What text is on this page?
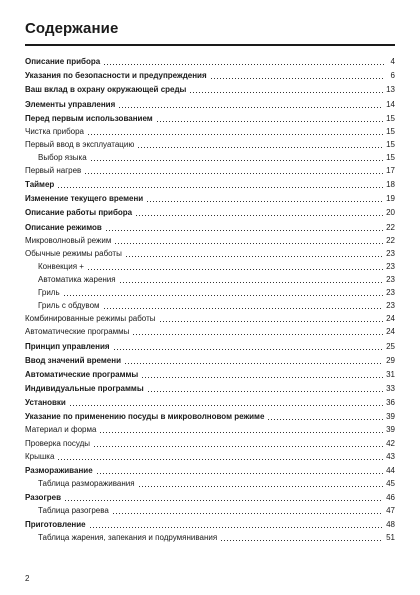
Содержание
Описание прибора	4
Указания по безопасности и предупреждения	6
Ваш вклад в охрану окружающей среды	13
Элементы управления	14
Перед первым использованием	15
Чистка прибора	15
Первый ввод в эксплуатацию	15
Выбор языка	15
Первый нагрев	17
Таймер	18
Изменение текущего времени	19
Описание работы прибора	20
Описание режимов	22
Микроволновый режим	22
Обычные режимы работы	23
Конвекция +	23
Автоматика жарения	23
Гриль	23
Гриль с обдувом	23
Комбинированные режимы работы	24
Автоматические программы	24
Принцип управления	25
Ввод значений времени	29
Автоматические программы	31
Индивидуальные программы	33
Установки	36
Указание по применению посуды в микроволновом режиме	39
Материал и форма	39
Проверка посуды	42
Крышка	43
Размораживание	44
Таблица размораживания	45
Разогрев	46
Таблица разогрева	47
Приготовление	48
Таблица жарения, запекания и подрумянивания	51
2
